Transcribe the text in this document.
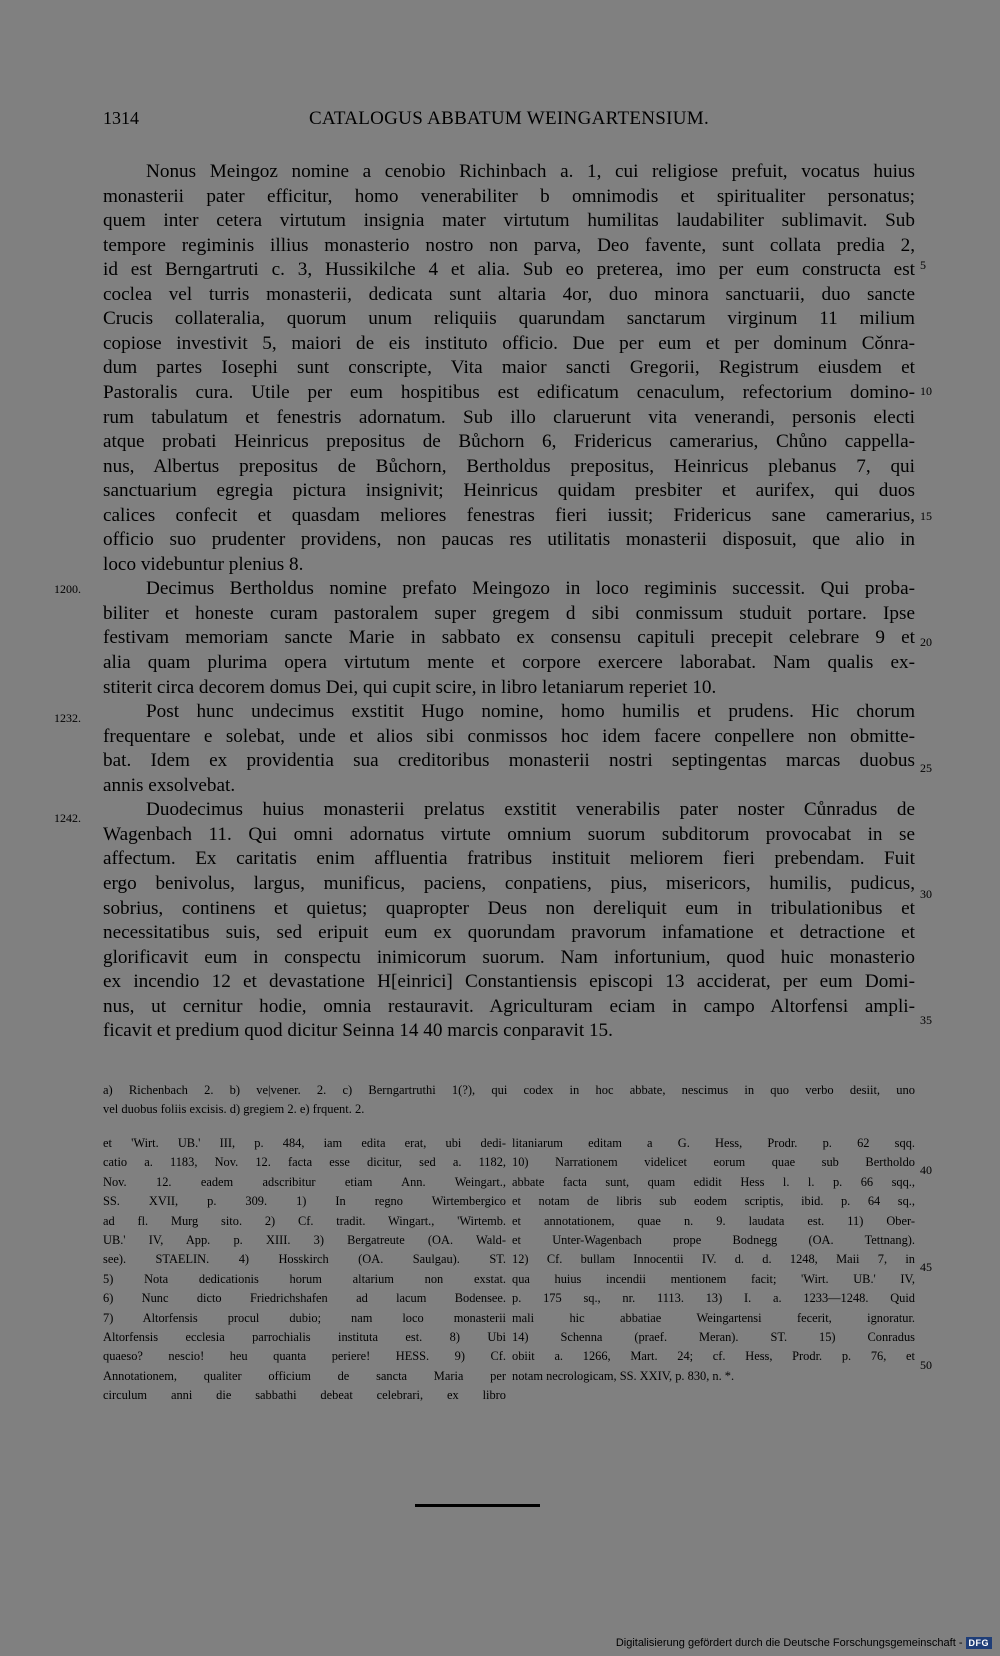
1314	CATALOGUS ABBATUM WEINGARTENSIUM.
Nonus Meingoz nomine a cenobio Richinbach a. 1, cui religiose prefuit, vocatus huius
monasterii pater efficitur, homo venerabiliter b omnimodis et spiritualiter personatus;
quem inter cetera virtutum insignia mater virtutum humilitas laudabiliter sublimavit. Sub
tempore regiminis illius monasterio nostro non parva, Deo favente, sunt collata predia 2,
id est Berngartruti c. 3, Hussikilche 4 et alia. Sub eo preterea, imo per eum constructa est
coclea vel turris monasterii, dedicata sunt altaria 4or, duo minora sanctuarii, duo sancte
Crucis collateralia, quorum unum reliquiis quarundam sanctarum virginum 11 milium
copiose investivit 5, maiori de eis instituto officio. Due per eum et per dominum Cǒnra-
dum partes Iosephi sunt conscripte, Vita maior sancti Gregorii, Registrum eiusdem et
Pastoralis cura. Utile per eum hospitibus est edificatum cenaculum, refectorium domino-
rum tabulatum et fenestris adornatum. Sub illo claruerunt vita venerandi, personis electi
atque probati Heinricus prepositus de Bůchorn 6, Fridericus camerarius, Chůno cappella-
nus, Albertus prepositus de Bůchorn, Bertholdus prepositus, Heinricus plebanus 7, qui
sanctuarium egregia pictura insignivit; Heinricus quidam presbiter et aurifex, qui duos
calices confecit et quasdam meliores fenestras fieri iussit; Fridericus sane camerarius,
officio suo prudenter providens, non paucas res utilitatis monasterii disposuit, que alio in
loco videbuntur plenius 8.
Decimus Bertholdus nomine prefato Meingozo in loco regiminis successit. Qui proba-
biliter et honeste curam pastoralem super gregem d sibi conmissum studuit portare. Ipse
festivam memoriam sancte Marie in sabbato ex consensu capituli precepit celebrare 9 et
alia quam plurima opera virtutum mente et corpore exercere laborabat. Nam qualis ex-
stiterit circa decorem domus Dei, qui cupit scire, in libro letaniarum reperiet 10.
Post hunc undecimus exstitit Hugo nomine, homo humilis et prudens. Hic chorum
frequentare e solebat, unde et alios sibi conmissos hoc idem facere conpellere non obmitte-
bat. Idem ex providentia sua creditoribus monasterii nostri septingentas marcas duobus
annis exsolvebat.
Duodecimus huius monasterii prelatus exstitit venerabilis pater noster Cůnradus de
Wagenbach 11. Qui omni adornatus virtute omnium suorum subditorum provocabat in se
affectum. Ex caritatis enim affluentia fratribus instituit meliorem fieri prebendam. Fuit
ergo benivolus, largus, munificus, paciens, conpatiens, pius, misericors, humilis, pudicus,
sobrius, continens et quietus; quapropter Deus non dereliquit eum in tribulationibus et
necessitatibus suis, sed eripuit eum ex quorundam pravorum infamatione et detractione et
glorificavit eum in conspectu inimicorum suorum. Nam infortunium, quod huic monasterio
ex incendio 12 et devastatione H[einrici] Constantiensis episcopi 13 acciderat, per eum Domi-
nus, ut cernitur hodie, omnia restauravit. Agriculturam eciam in campo Altorfensi ampli-
ficavit et predium quod dicitur Seinna 14 40 marcis conparavit 15.
1200.
1232.
1242.
5
10
15
20
25
30
35
a) Richenbach 2. b) ve|vener. 2. c) Berngartruthi 1(?), qui codex in hoc abbate, nescimus in quo verbo desiit, uno
vel duobus foliis excisis. d) gregiem 2. e) frquent. 2.
et 'Wirt. UB.' III, p. 484, iam edita erat, ubi dedi-
catio a. 1183, Nov. 12. facta esse dicitur, sed a. 1182,
Nov. 12. eadem adscribitur etiam Ann. Weingart.,
SS. XVII, p. 309. 1) In regno Wirtembergico
ad fl. Murg sito. 2) Cf. tradit. Wingart., 'Wirtemb.
UB.' IV, App. p. XIII. 3) Bergatreute (OA. Wald-
see). STAELIN. 4) Hosskirch (OA. Saulgau). ST.
5) Nota dedicationis horum altarium non exstat.
6) Nunc dicto Friedrichshafen ad lacum Bodensee.
7) Altorfensis procul dubio; nam loco monasterii
Altorfensis ecclesia parrochialis instituta est. 8) Ubi
quaeso? nescio! heu quanta periere! HESS. 9) Cf.
Annotationem, qualiter officium de sancta Maria per
circulum anni die sabbathi debeat celebrari, ex libro
litaniarum editam a G. Hess, Prodr. p. 62 sqq.
10) Narrationem videlicet eorum quae sub Bertholdo
abbate facta sunt, quam edidit Hess l. l. p. 66 sqq.,
et notam de libris sub eodem scriptis, ibid. p. 64 sq.,
et annotationem, quae n. 9. laudata est. 11) Ober-
et Unter-Wagenbach prope Bodnegg (OA. Tettnang).
12) Cf. bullam Innocentii IV. d. d. 1248, Maii 7, in
qua huius incendii mentionem facit; 'Wirt. UB.' IV,
p. 175 sq., nr. 1113. 13) I. a. 1233—1248. Quid
mali hic abbatiae Weingartensi fecerit, ignoratur.
14) Schenna (praef. Meran). ST. 15) Conradus
obiit a. 1266, Mart. 24; cf. Hess, Prodr. p. 76, et
notam necrologicam, SS. XXIV, p. 830, n. *.
40
45
50
Digitalisierung gefördert durch die Deutsche Forschungsgemeinschaft - DFG
